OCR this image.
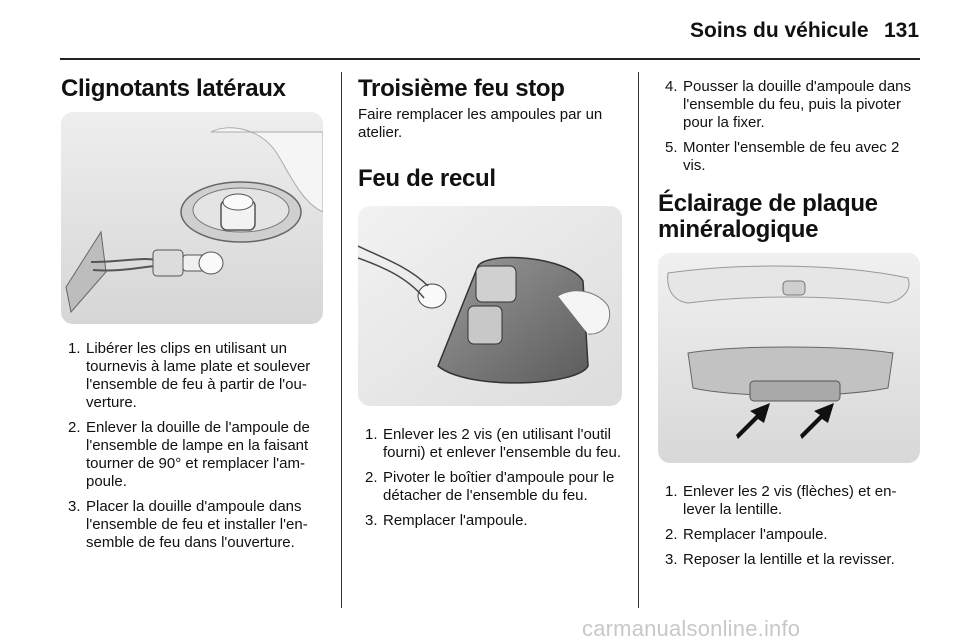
Soins du véhicule 131
Clignotants latéraux
1. Libérer les clips en utilisant un tournevis à lame plate et soulever l'ensemble de feu à partir de l'ouverture.
2. Enlever la douille de l'ampoule de l'ensemble de lampe en la faisant tourner de 90° et remplacer l'ampoule.
3. Placer la douille d'ampoule dans l'ensemble de feu et installer l'ensemble de feu dans l'ouverture.
Troisième feu stop

Faire remplacer les ampoules par un atelier.

Feu de recul
1. Enlever les 2 vis (en utilisant l'outil fourni) et enlever l'ensemble du feu.
2. Pivoter le boîtier d'ampoule pour le détacher de l'ensemble du feu.
3. Remplacer l'ampoule.
4. Pousser la douille d'ampoule dans l'ensemble du feu, puis la pivoter pour la fixer.
5. Monter l'ensemble de feu avec 2 vis.
Éclairage de plaque minéralogique
1. Enlever les 2 vis (flèches) et enlever la lentille.
2. Remplacer l'ampoule.
3. Reposer la lentille et la revisser.
carmanualsonline.info
